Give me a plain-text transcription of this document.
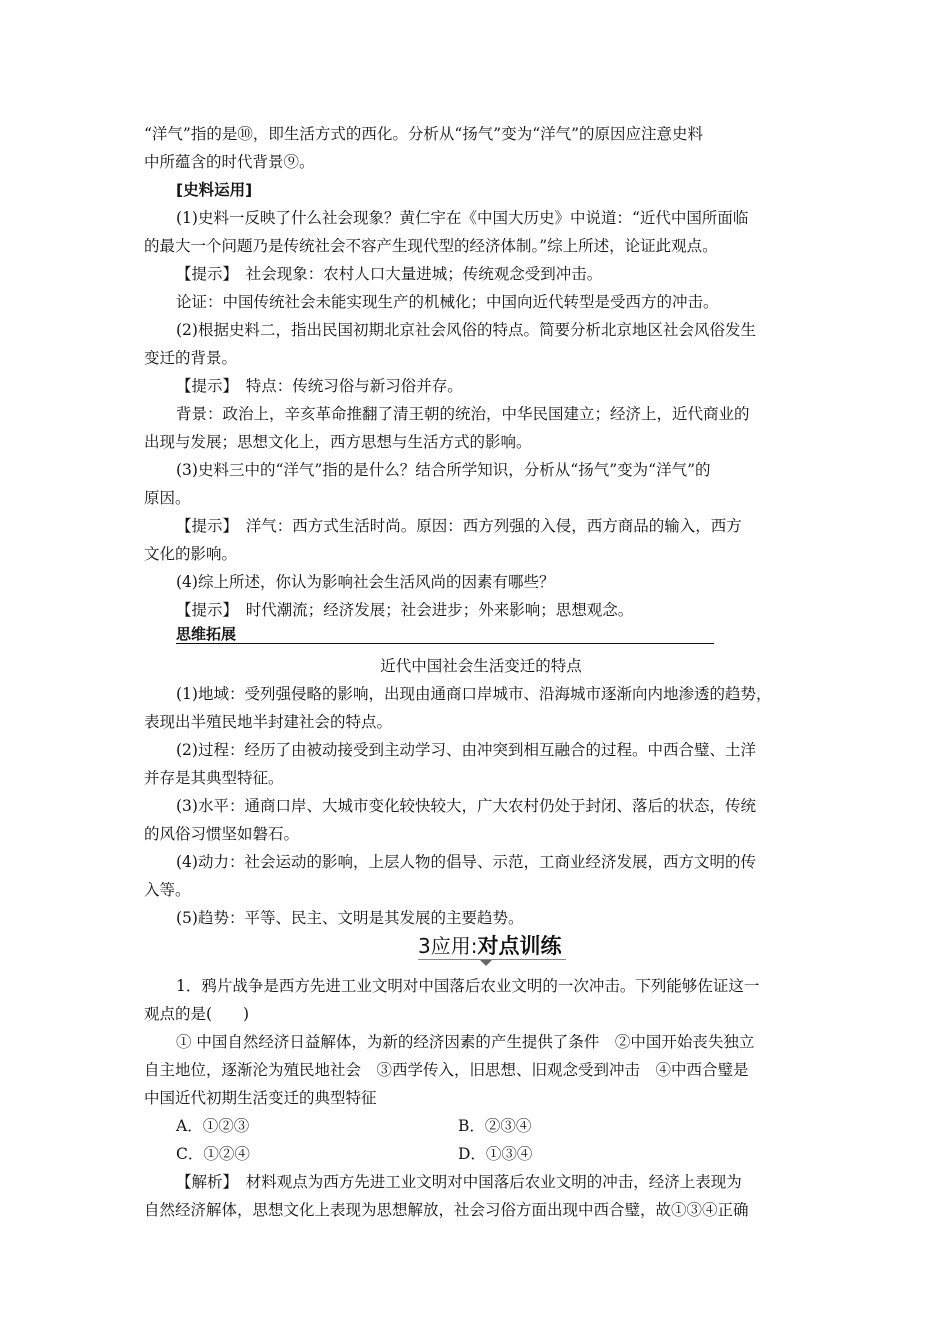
“洋气”指的是⑩，即生活方式的西化。分析从“扬气”变为“洋气”的原因应注意史料
中所蕴含的时代背景⑨。
[史料运用]
(1)史料一反映了什么社会现象？黄仁宇在《中国大历史》中说道：“近代中国所面临
的最大一个问题乃是传统社会不容产生现代型的经济体制。”综上所述，论证此观点。
【提示】　社会现象：农村人口大量进城；传统观念受到冲击。
论证：中国传统社会未能实现生产的机械化；中国向近代转型是受西方的冲击。
(2)根据史料二，指出民国初期北京社会风俗的特点。简要分析北京地区社会风俗发生
变迁的背景。
【提示】　特点：传统习俗与新习俗并存。
背景：政治上，辛亥革命推翻了清王朝的统治，中华民国建立；经济上，近代商业的
出现与发展；思想文化上，西方思想与生活方式的影响。
(3)史料三中的“洋气”指的是什么？结合所学知识，分析从“扬气”变为“洋气”的
原因。
【提示】　洋气：西方式生活时尚。原因：西方列强的入侵，西方商品的输入，西方
文化的影响。
(4)综上所述，你认为影响社会生活风尚的因素有哪些？
【提示】　时代潮流；经济发展；社会进步；外来影响；思想观念。
思维拓展
近代中国社会生活变迁的特点
(1)地域：受列强侵略的影响，出现由通商口岸城市、沿海城市逐渐向内地渗透的趋势，
表现出半殖民地半封建社会的特点。
(2)过程：经历了由被动接受到主动学习、由冲突到相互融合的过程。中西合璧、土洋
并存是其典型特征。
(3)水平：通商口岸、大城市变化较快较大，广大农村仍处于封闭、落后的状态，传统
的风俗习惯坚如磐石。
(4)动力：社会运动的影响，上层人物的倡导、示范，工商业经济发展，西方文明的传
入等。
(5)趋势：平等、民主、文明是其发展的主要趋势。
3应用:对点训练
1．鸦片战争是西方先进工业文明对中国落后农业文明的一次冲击。下列能够佐证这一
观点的是(　　)
① 中国自然经济日益解体，为新的经济因素的产生提供了条件　②中国开始丧失独立
自主地位，逐渐沦为殖民地社会　③西学传入，旧思想、旧观念受到冲击　④中西合璧是
中国近代初期生活变迁的典型特征
A．①②③	B．②③④
C．①②④	D．①③④
【解析】　材料观点为西方先进工业文明对中国落后农业文明的冲击，经济上表现为
自然经济解体，思想文化上表现为思想解放，社会习俗方面出现中西合璧，故①③④正确
